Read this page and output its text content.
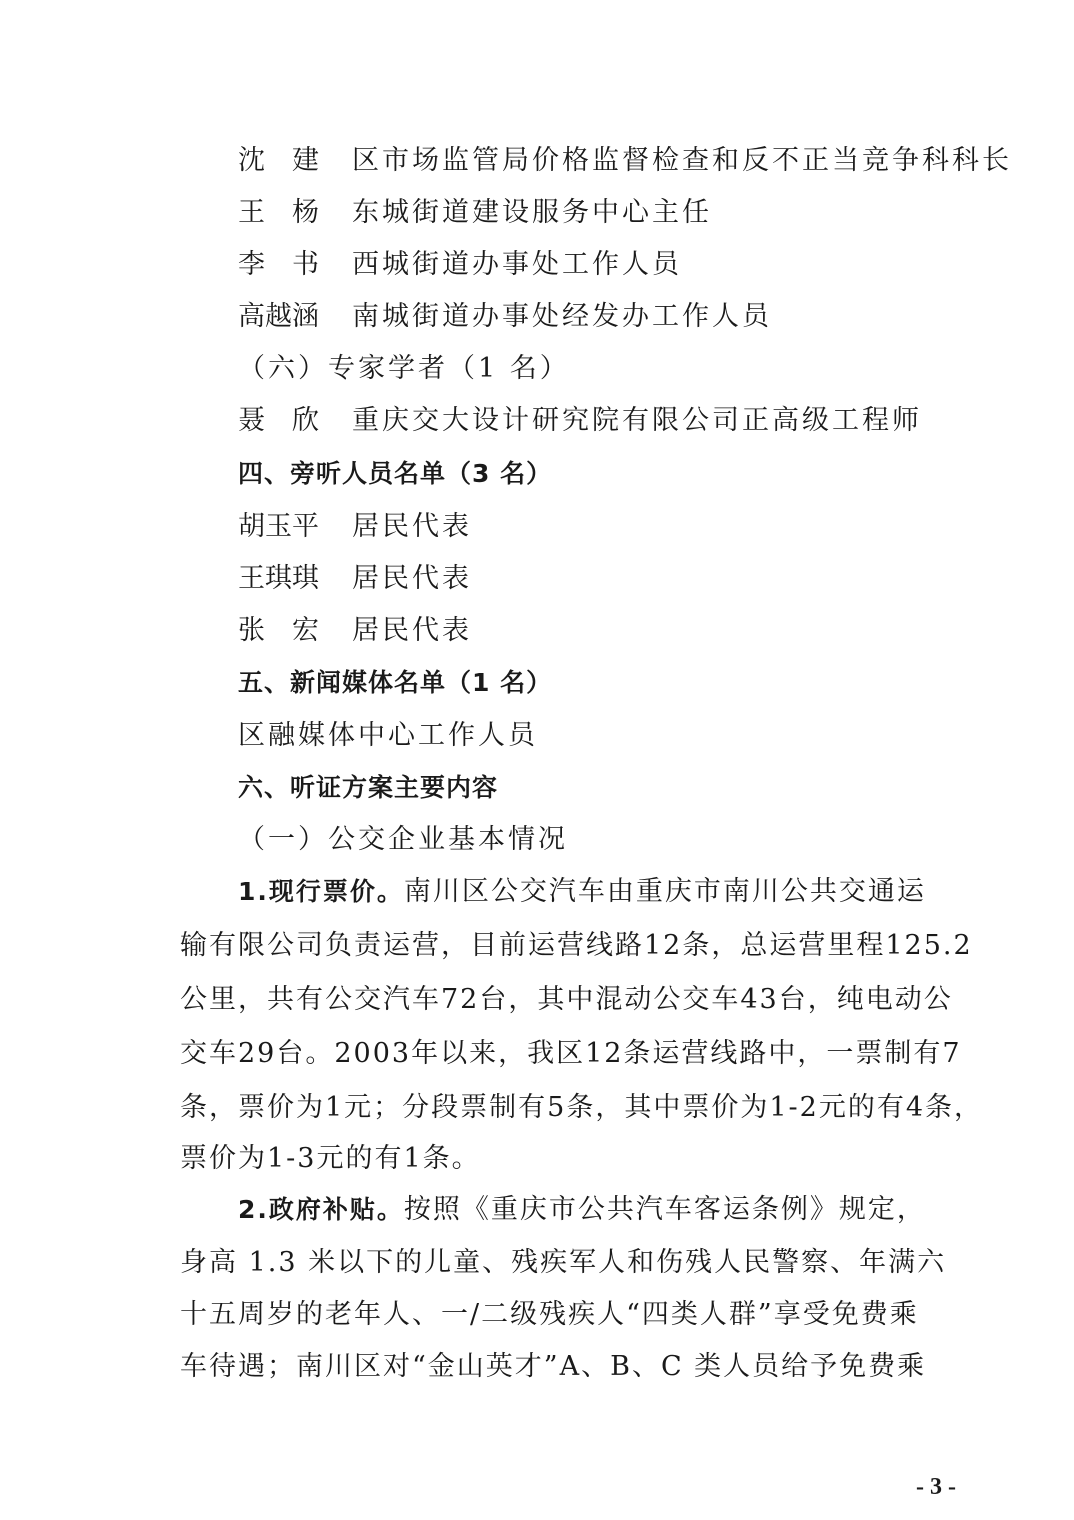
沈　建 区市场监管局价格监督检查和反不正当竞争科科长
王　杨 东城街道建设服务中心主任
李　书 西城街道办事处工作人员
高越涵 南城街道办事处经发办工作人员
（六）专家学者（1 名）
聂　欣 重庆交大设计研究院有限公司正高级工程师
四、旁听人员名单（3 名）
胡玉平 居民代表
王琪琪 居民代表
张　宏 居民代表
五、新闻媒体名单（1 名）
区融媒体中心工作人员
六、听证方案主要内容
（一）公交企业基本情况
1.现行票价。南川区公交汽车由重庆市南川公共交通运
输有限公司负责运营，目前运营线路12条，总运营里程125.2
公里，共有公交汽车72台，其中混动公交车43台，纯电动公
交车29台。2003年以来，我区12条运营线路中，一票制有7
条，票价为1元；分段票制有5条，其中票价为1-2元的有4条，
票价为1-3元的有1条。
2.政府补贴。按照《重庆市公共汽车客运条例》规定，
身高 1.3 米以下的儿童、残疾军人和伤残人民警察、年满六
十五周岁的老年人、一/二级残疾人“四类人群”享受免费乘
车待遇；南川区对“金山英才”A、B、C 类人员给予免费乘
- 3 -
